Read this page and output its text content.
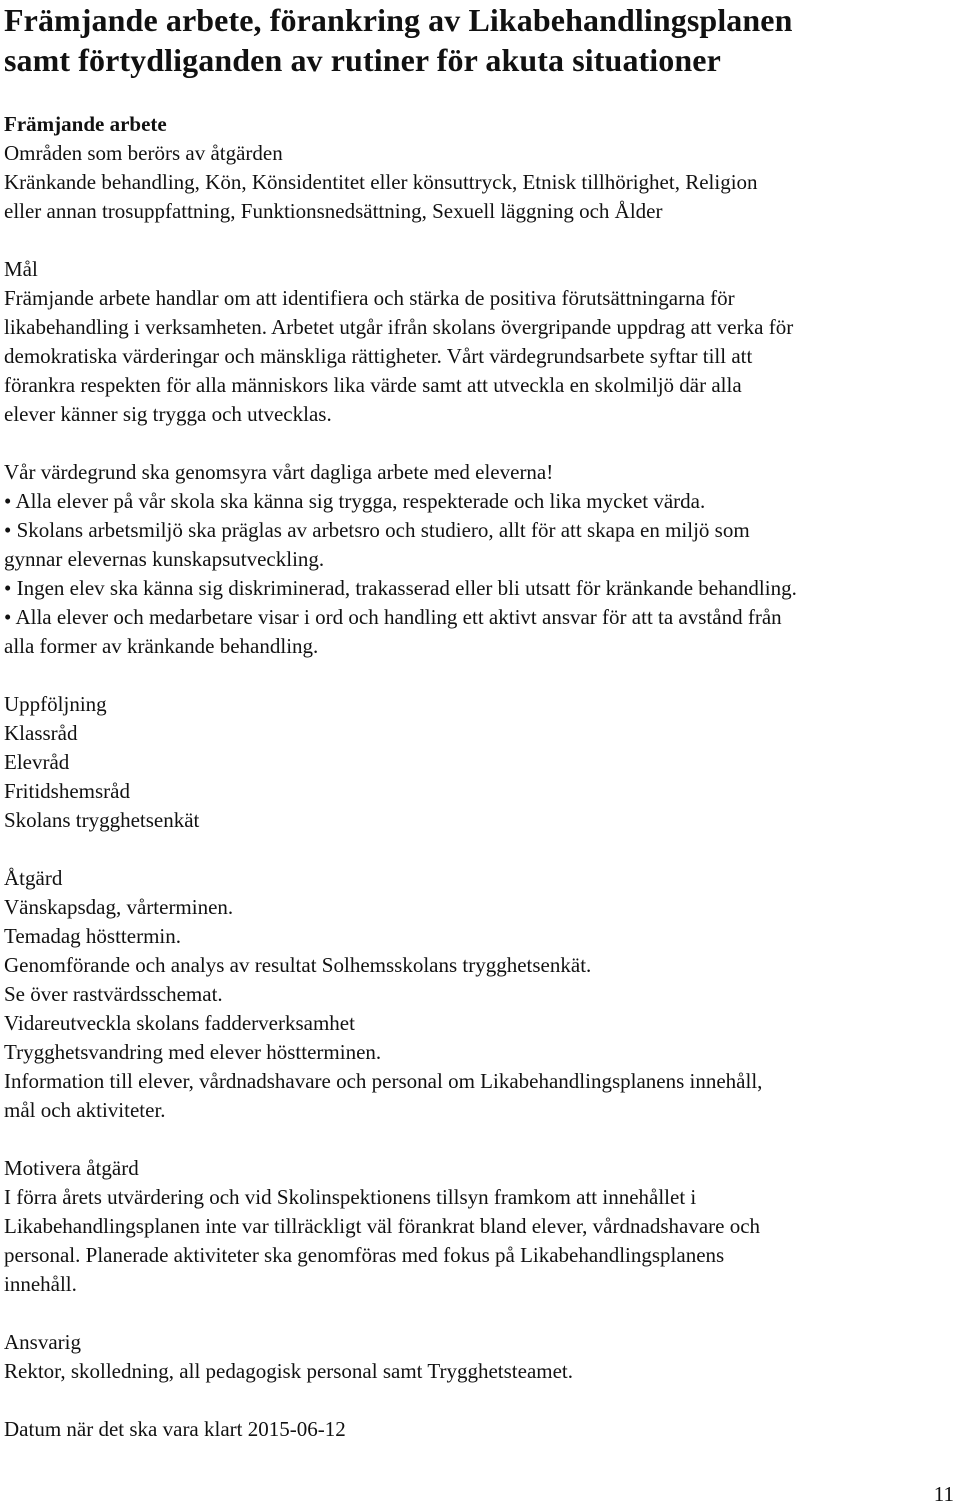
Främjande arbete, förankring av Likabehandlingsplanen
samt förtydliganden av rutiner för akuta situationer
Främjande arbete
Områden som berörs av åtgärden
Kränkande behandling, Kön, Könsidentitet eller könsuttryck, Etnisk tillhörighet, Religion
eller annan trosuppfattning, Funktionsnedsättning, Sexuell läggning och Ålder
Mål
Främjande arbete handlar om att identifiera och stärka de positiva förutsättningarna för
likabehandling i verksamheten. Arbetet utgår ifrån skolans övergripande uppdrag att verka för
demokratiska värderingar och mänskliga rättigheter. Vårt värdegrundsarbete syftar till att
förankra respekten för alla människors lika värde samt att utveckla en skolmiljö där alla
elever känner sig trygga och utvecklas.
Vår värdegrund ska genomsyra vårt dagliga arbete med eleverna!
• Alla elever på vår skola ska känna sig trygga, respekterade och lika mycket värda.
• Skolans arbetsmiljö ska präglas av arbetsro och studiero, allt för att skapa en miljö som
gynnar elevernas kunskapsutveckling.
• Ingen elev ska känna sig diskriminerad, trakasserad eller bli utsatt för kränkande behandling.
• Alla elever och medarbetare visar i ord och handling ett aktivt ansvar för att ta avstånd från
alla former av kränkande behandling.
Uppföljning
Klassråd
Elevråd
Fritidshemsråd
Skolans trygghetsenkät
Åtgärd
Vänskapsdag, vårterminen.
Temadag hösttermin.
Genomförande och analys av resultat Solhemsskolans trygghetsenkät.
Se över rastvärdsschemat.
Vidareutveckla skolans fadderverksamhet
Trygghetsvandring med elever höstterminen.
Information till elever, vårdnadshavare och personal om Likabehandlingsplanens innehåll,
mål och aktiviteter.
Motivera åtgärd
I förra årets utvärdering och vid Skolinspektionens tillsyn framkom att innehållet i
Likabehandlingsplanen inte var tillräckligt väl förankrat bland elever, vårdnadshavare och
personal. Planerade aktiviteter ska genomföras med fokus på Likabehandlingsplanens
innehåll.
Ansvarig
Rektor, skolledning, all pedagogisk personal samt Trygghetsteamet.
Datum när det ska vara klart 2015-06-12
11
